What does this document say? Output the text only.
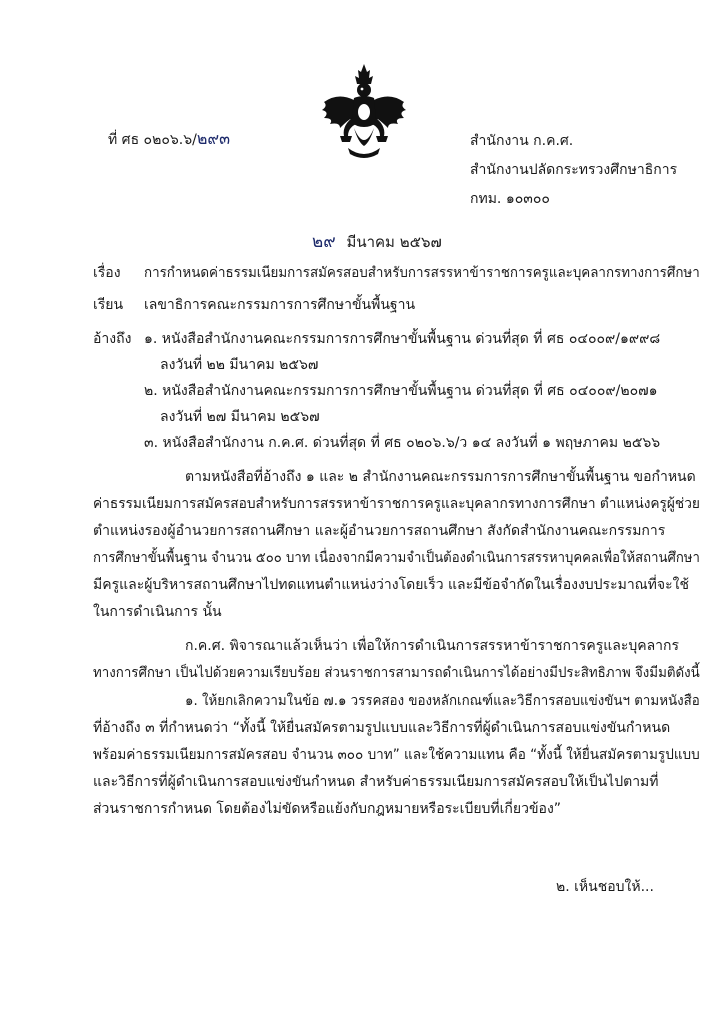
ที่ ศธ ๐๒๐๖.๖/๒๙๓	สำนักงาน ก.ค.ศ.
สำนักงานปลัดกระทรวงศึกษาธิการ
กทม. ๑๐๓๐๐
๒๙ มีนาคม ๒๕๖๗
เรื่อง การกำหนดค่าธรรมเนียมการสมัครสอบสำหรับการสรรหาข้าราชการครูและบุคลากรทางการศึกษา
เรียน เลขาธิการคณะกรรมการการศึกษาขั้นพื้นฐาน
อ้างถึง ๑. หนังสือสำนักงานคณะกรรมการการศึกษาขั้นพื้นฐาน ด่วนที่สุด ที่ ศธ ๐๔๐๐๙/๑๙๙๘
ลงวันที่ ๒๒ มีนาคม ๒๕๖๗
๒. หนังสือสำนักงานคณะกรรมการการศึกษาขั้นพื้นฐาน ด่วนที่สุด ที่ ศธ ๐๔๐๐๙/๒๐๗๑
ลงวันที่ ๒๗ มีนาคม ๒๕๖๗
๓. หนังสือสำนักงาน ก.ค.ศ. ด่วนที่สุด ที่ ศธ ๐๒๐๖.๖/ว ๑๔ ลงวันที่ ๑ พฤษภาคม ๒๕๖๖
ตามหนังสือที่อ้างถึง ๑ และ ๒ สำนักงานคณะกรรมการการศึกษาขั้นพื้นฐาน ขอกำหนด
ค่าธรรมเนียมการสมัครสอบสำหรับการสรรหาข้าราชการครูและบุคลากรทางการศึกษา ตำแหน่งครูผู้ช่วย
ตำแหน่งรองผู้อำนวยการสถานศึกษา และผู้อำนวยการสถานศึกษา สังกัดสำนักงานคณะกรรมการ
การศึกษาขั้นพื้นฐาน จำนวน ๕๐๐ บาท เนื่องจากมีความจำเป็นต้องดำเนินการสรรหาบุคคลเพื่อให้สถานศึกษา
มีครูและผู้บริหารสถานศึกษาไปทดแทนตำแหน่งว่างโดยเร็ว และมีข้อจำกัดในเรื่องงบประมาณที่จะใช้
ในการดำเนินการ นั้น
ก.ค.ศ. พิจารณาแล้วเห็นว่า เพื่อให้การดำเนินการสรรหาข้าราชการครูและบุคลากร
ทางการศึกษา เป็นไปด้วยความเรียบร้อย ส่วนราชการสามารถดำเนินการได้อย่างมีประสิทธิภาพ จึงมีมติดังนี้
๑. ให้ยกเลิกความในข้อ ๗.๑ วรรคสอง ของหลักเกณฑ์และวิธีการสอบแข่งขันฯ ตามหนังสือ
ที่อ้างถึง ๓ ที่กำหนดว่า “ทั้งนี้ ให้ยื่นสมัครตามรูปแบบและวิธีการที่ผู้ดำเนินการสอบแข่งขันกำหนด
พร้อมค่าธรรมเนียมการสมัครสอบ จำนวน ๓๐๐ บาท” และใช้ความแทน คือ “ทั้งนี้ ให้ยื่นสมัครตามรูปแบบ
และวิธีการที่ผู้ดำเนินการสอบแข่งขันกำหนด สำหรับค่าธรรมเนียมการสมัครสอบให้เป็นไปตามที่
ส่วนราชการกำหนด โดยต้องไม่ขัดหรือแย้งกับกฎหมายหรือระเบียบที่เกี่ยวข้อง”
๒. เห็นชอบให้...
